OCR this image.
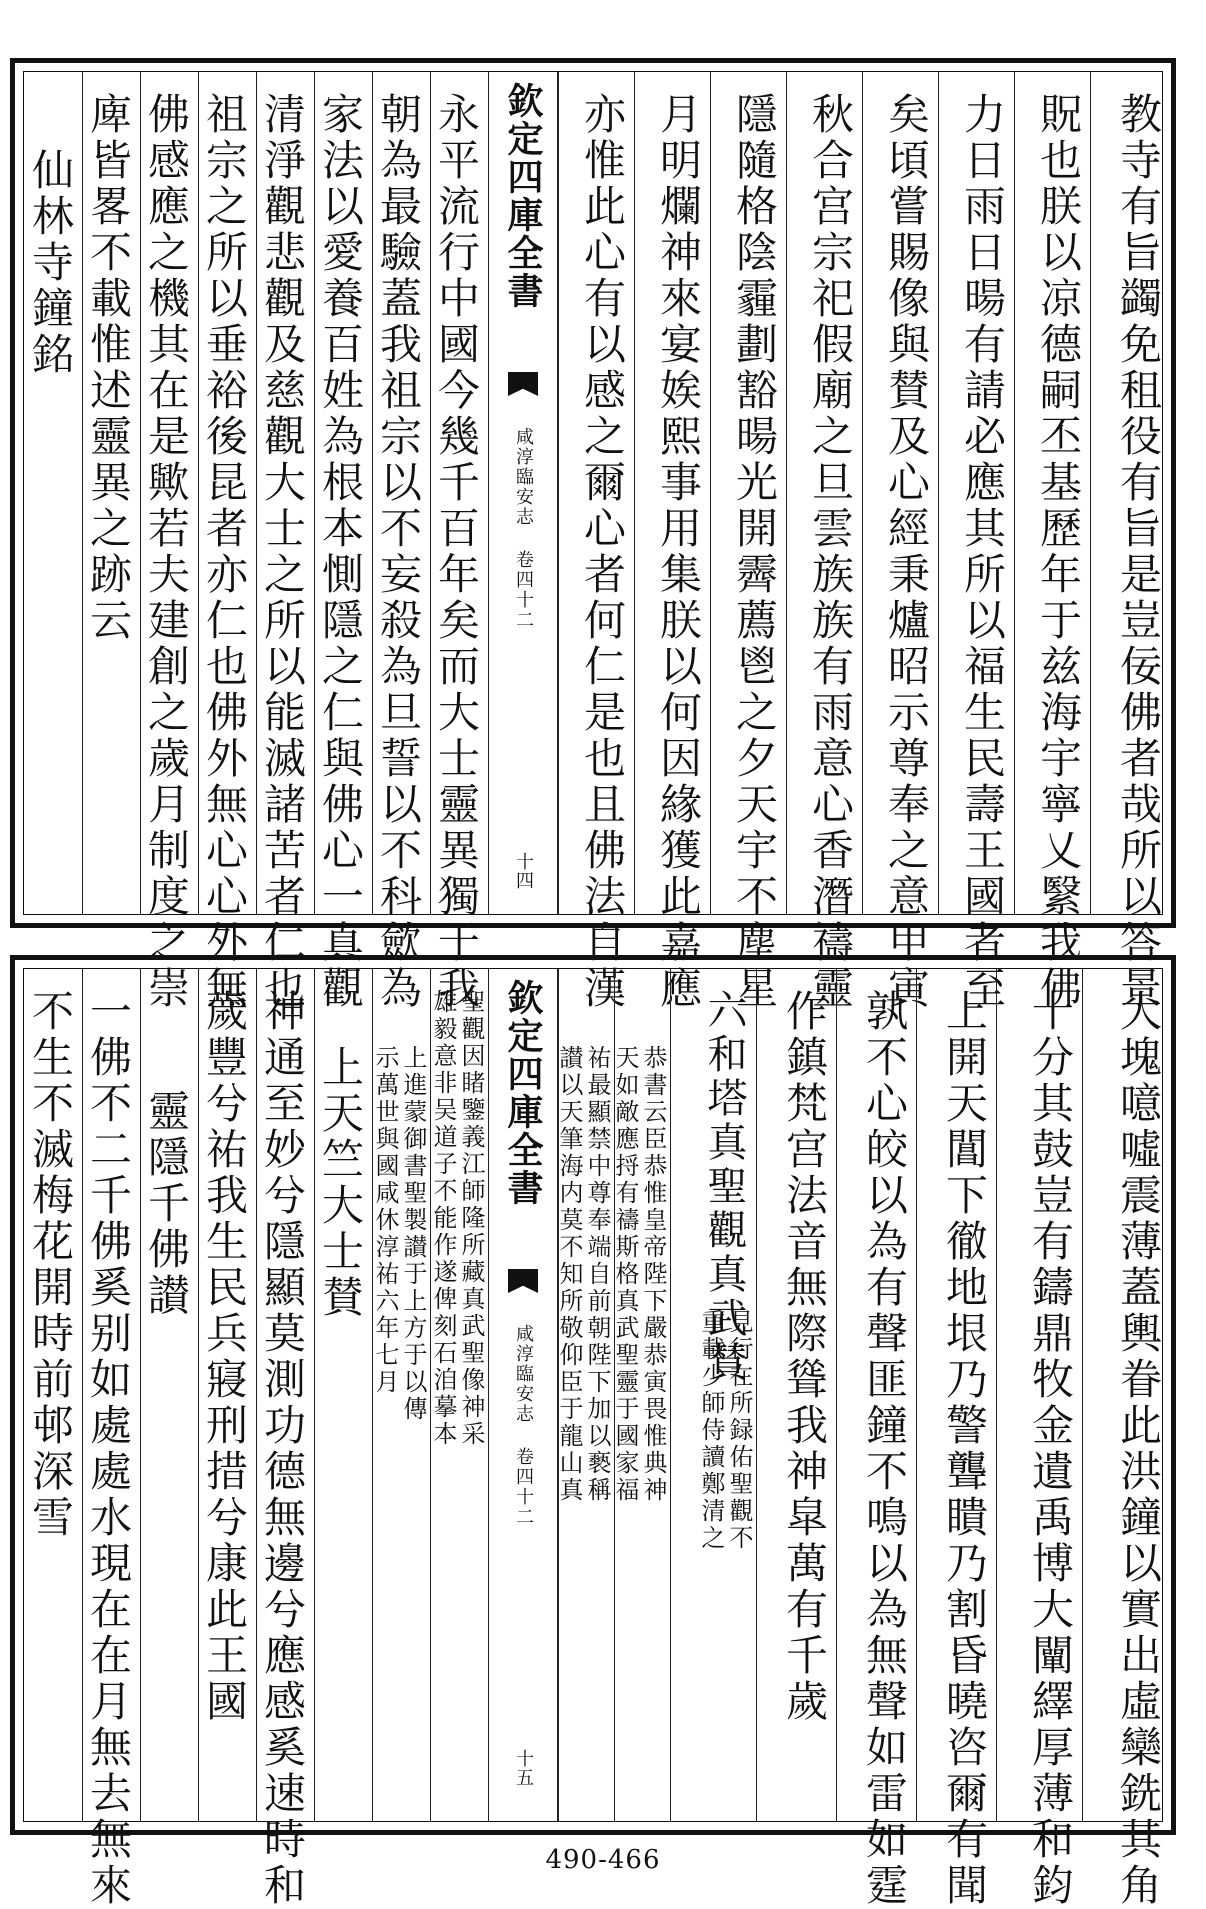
仙林寺鐘銘 庳皆畧不載惟述靈異之跡云 佛感應之機其在是歟若夫建創之歲月制度之崇 祖宗之所以垂裕後昆者亦仁也佛外無心心外無 清淨觀悲觀及慈觀大士之所以能滅諸苦者仁也 家法以愛養百姓為根本惻隱之仁與佛心一真觀 朝為最驗蓋我祖宗以不妄殺為旦誓以不科歛為 永平流行中國今幾千百年矣而大士靈異獨于我 欽定四庫全書
咸淳臨安志 卷四十二
十四 亦惟此心有以感之爾心者何仁是也且佛法自漢 月明爛神來宴娭熙事用集朕以何因緣獲此嘉應 隱隨格陰霾劃豁暘光開霽薦鬯之夕天宇不塵星 秋合宫宗祀假廟之旦雲族族有雨意心香潛禱靈 矣頃嘗賜像與賛及心經秉爐昭示尊奉之意甲寅 力日雨日暘有請必應其所以福生民壽王國者至 貺也朕以凉德嗣丕基歷年于兹海宇寧乂繄我佛 教寺有旨蠲免租役有旨是豈佞佛者哉所以答景
不生不滅梅花開時前邨深雪 一佛不二千佛奚别如處處水現在在月無去無來 靈隱千佛讃 歲豐兮祐我生民兵寢刑措兮康此王國 神通至妙兮隱顯莫測功德無邊兮應感奚速時和 上天竺大士賛 示萬世與國咸休淳祐六年七月 上進蒙御書聖製讃于上方于以傳 雄毅意非吴道子不能作遂俾刻石洎摹本 聖觀因睹鑒義江師隆所藏真武聖像神采 欽定四庫全書
咸淳臨安志 卷四十二
十五
讃以天筆海内莫不知所敬仰臣于龍山真 祐最顯禁中尊奉端自前朝陛下加以褻稱 天如敵應捋有禱斯格真武聖靈于國家福 恭書云臣恭惟皇帝陛下嚴恭寅畏惟典神 六和塔真聖觀真武賛
重載少師侍讀鄭清之 見行在所録佑聖觀不 作鎮梵宫法音無際聳我神皐萬有千歲 孰不心皎以為有聲匪鐘不鳴以為無聲如雷如霆 上開天閶下徹地垠乃警聾瞶乃割昏曉咨爾有聞 十分其鼓豈有鑄鼎牧金遺禹博大闡繹厚薄和鈞 大塊噫噓震薄蓋輿眷此洪鐘以實出虛欒銑其角
490-466
